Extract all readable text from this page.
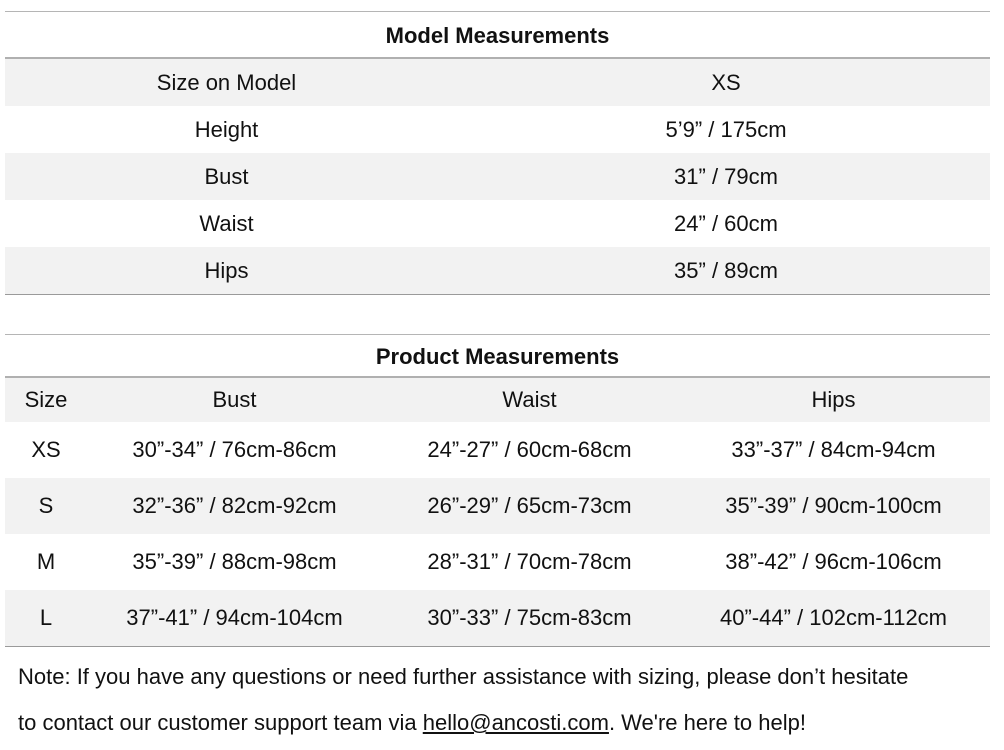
Model Measurements
Size on Model	XS
Height	5’9” / 175cm
Bust	31” / 79cm
Waist	24” / 60cm
Hips	35” / 89cm
Product Measurements
Size	Bust	Waist	Hips
XS	30”-34” / 76cm-86cm	24”-27” / 60cm-68cm	33”-37” / 84cm-94cm
S	32”-36” / 82cm-92cm	26”-29” / 65cm-73cm	35”-39” / 90cm-100cm
M	35”-39” / 88cm-98cm	28”-31” / 70cm-78cm	38”-42” / 96cm-106cm
L	37”-41” / 94cm-104cm	30”-33” / 75cm-83cm	40”-44” / 102cm-112cm
Note: If you have any questions or need further assistance with sizing, please don’t hesitate
to contact our customer support team via hello@ancosti.com. We're here to help!
